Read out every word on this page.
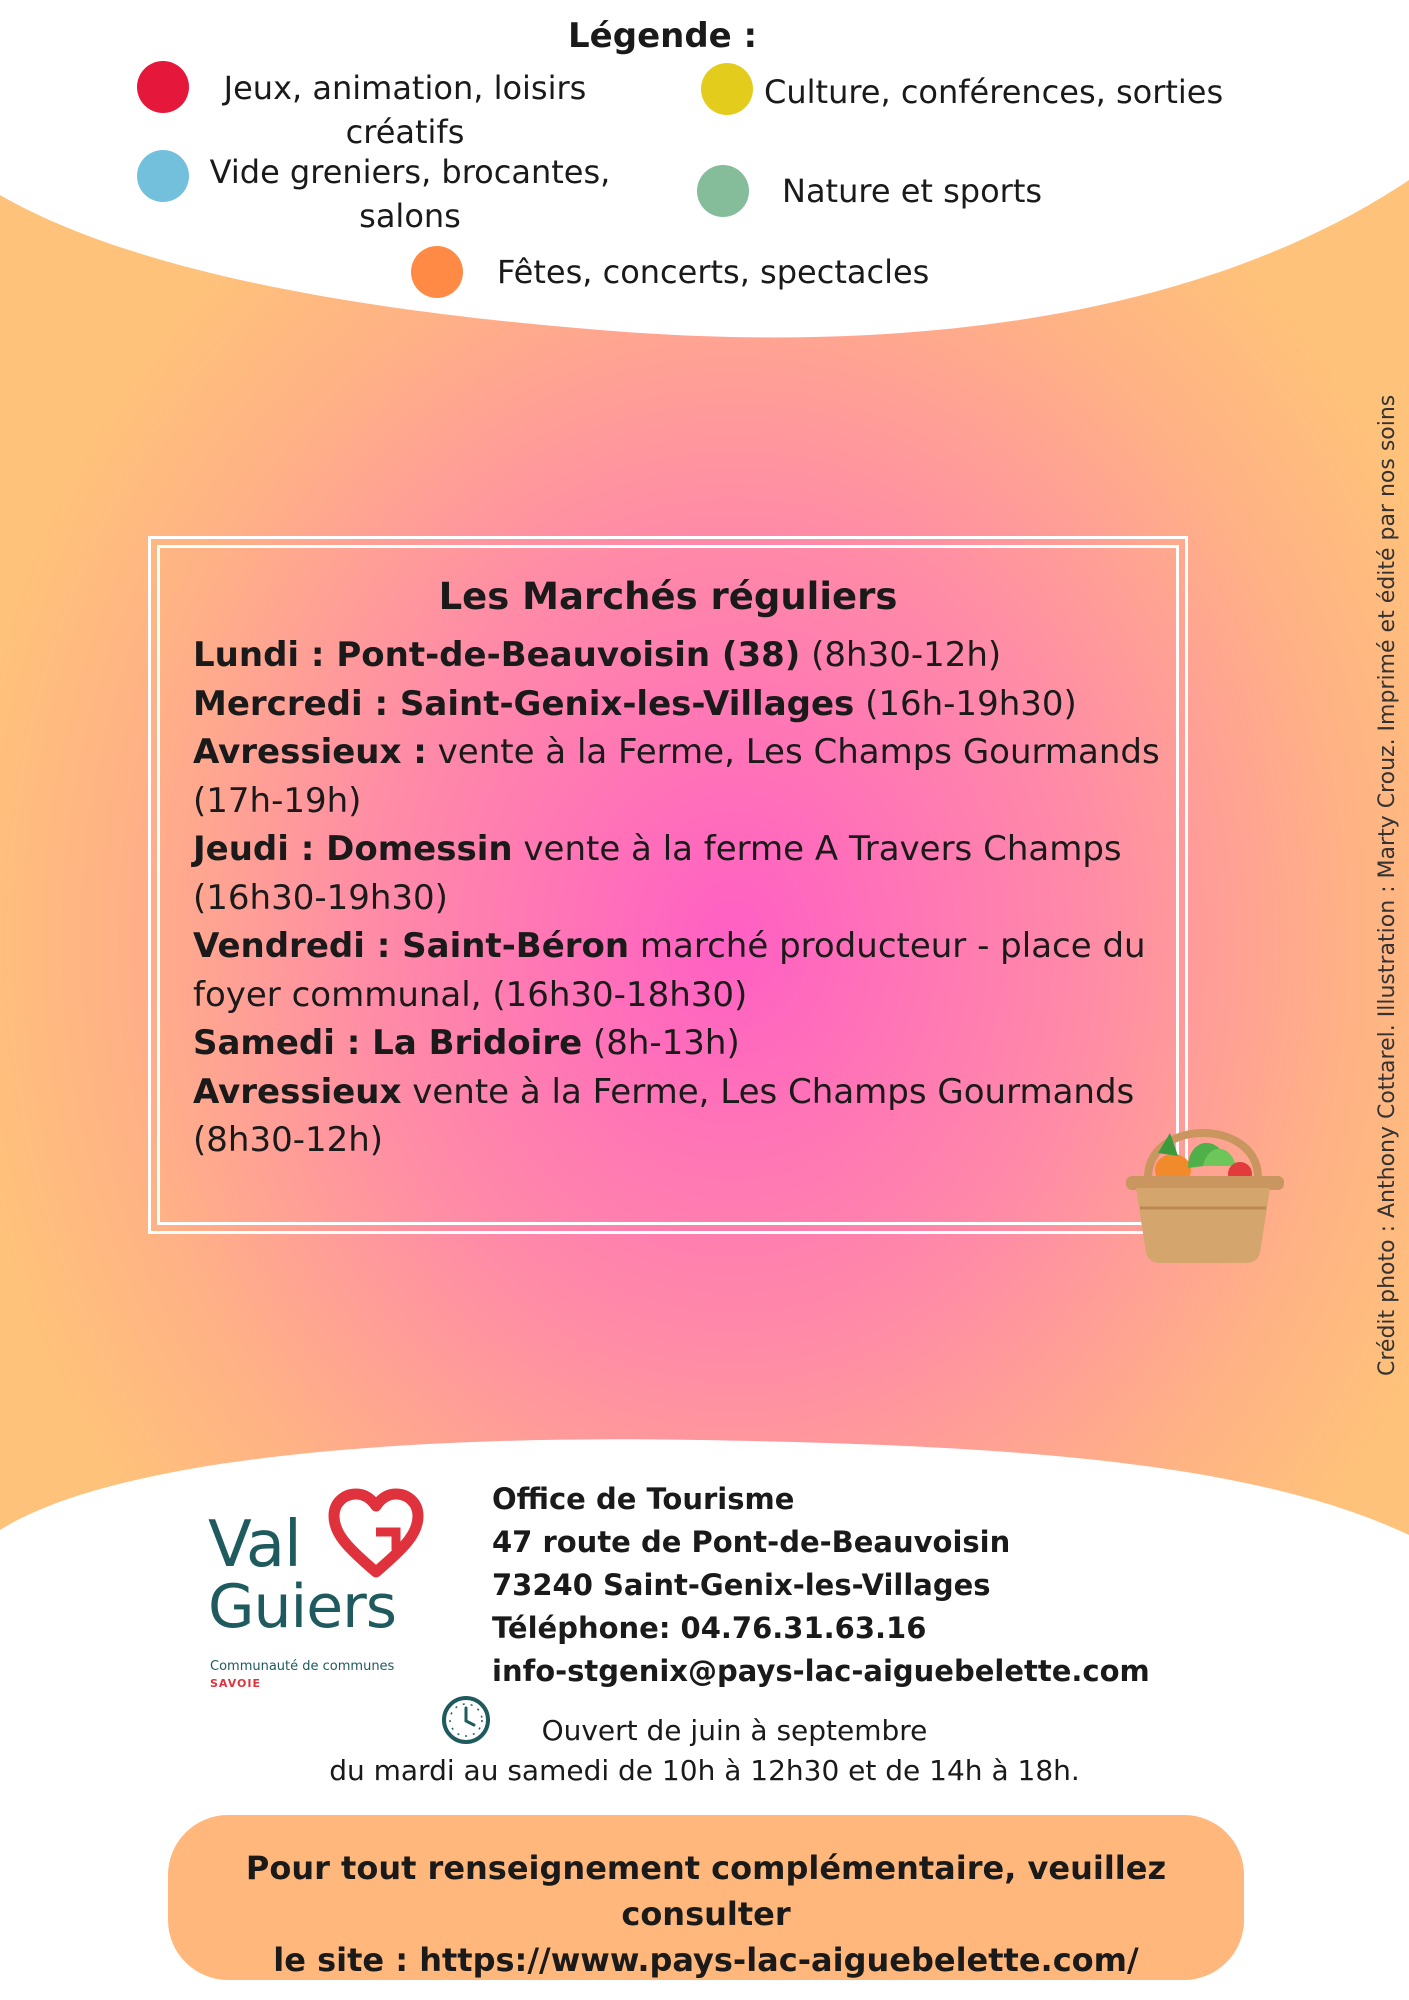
Légende :
Jeux, animation, loisirs
créatifs
Culture, conférences, sorties
Vide greniers, brocantes,
salons
Nature et sports
Fêtes, concerts, spectacles
Les Marchés réguliers
Lundi : Pont-de-Beauvoisin (38) (8h30-12h)
Mercredi : Saint-Genix-les-Villages (16h-19h30)
Avressieux : vente à la Ferme, Les Champs Gourmands (17h-19h)
Jeudi : Domessin vente à la ferme A Travers Champs (16h30-19h30)
Vendredi : Saint-Béron marché producteur - place du foyer communal, (16h30-18h30)
Samedi : La Bridoire (8h-13h)
Avressieux vente à la Ferme, Les Champs Gourmands (8h30-12h)	Crédit photo : Anthony Cottarel. Illustration : Marty Crouz. Imprimé et édité par nos soins
Val
Guiers
Communauté de communes
SAVOIE
Office de Tourisme
47 route de Pont-de-Beauvoisin
73240 Saint-Genix-les-Villages
Téléphone: 04.76.31.63.16
info-stgenix@pays-lac-aiguebelette.com
Ouvert de juin à septembre
du mardi au samedi de 10h à 12h30 et de 14h à 18h.
Pour tout renseignement complémentaire, veuillez consulter
le site : https://www.pays-lac-aiguebelette.com/
